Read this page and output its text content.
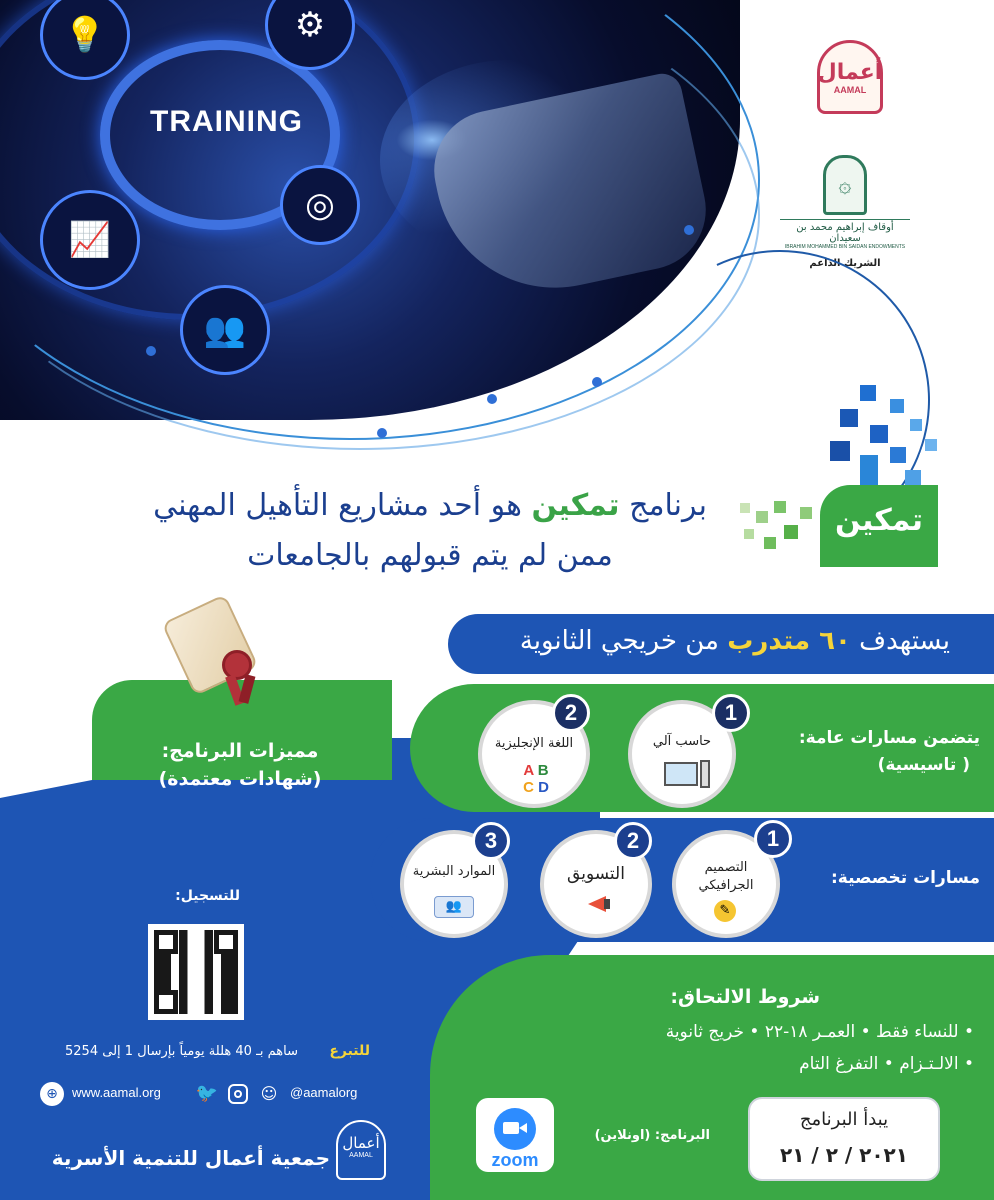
TRAINING
💡	⚙
📈
◎
👥
أعمال
AAMAL
۞
أوقاف إبراهيم محمد بن سعيدان
IBRAHIM MOHAMMED BIN SAIDAN ENDOWMENTS
الشريك الداعم
تمكين
برنامج تمكين هو أحد مشاريع التأهيل المهني
ممن لم يتم قبولهم بالجامعات
يستهدف ٦٠ متدرب من خريجي الثانوية
مميزات البرنامج:
(شهادات معتمدة)
يتضمن مسارات عامة:
( تاسيسية)
حاسب آلي
1
اللغة الإنجليزية
A B
C D
2
مسارات تخصصية:
التصميم
الجرافيكي
✎
1
التسويق
2
الموارد البشرية
👥
3
شروط الالتحاق:
• للنساء فقط • العمـر ١٨-٢٢ • خريج ثانوية
• الالـتـزام • التفرغ التام
يبدأ البرنامج
٢٠٢١ / ٢ / ٢١
البرنامج: (اونلاين)
zoom
للتسجيل:
للتبرع
ساهم بـ 40 هللة يومياً بإرسال 1 إلى 5254
⊕	www.aamal.org	🐦	☺ @aamalorg
جمعية أعمال للتنمية الأسرية
أعمال
AAMAL
